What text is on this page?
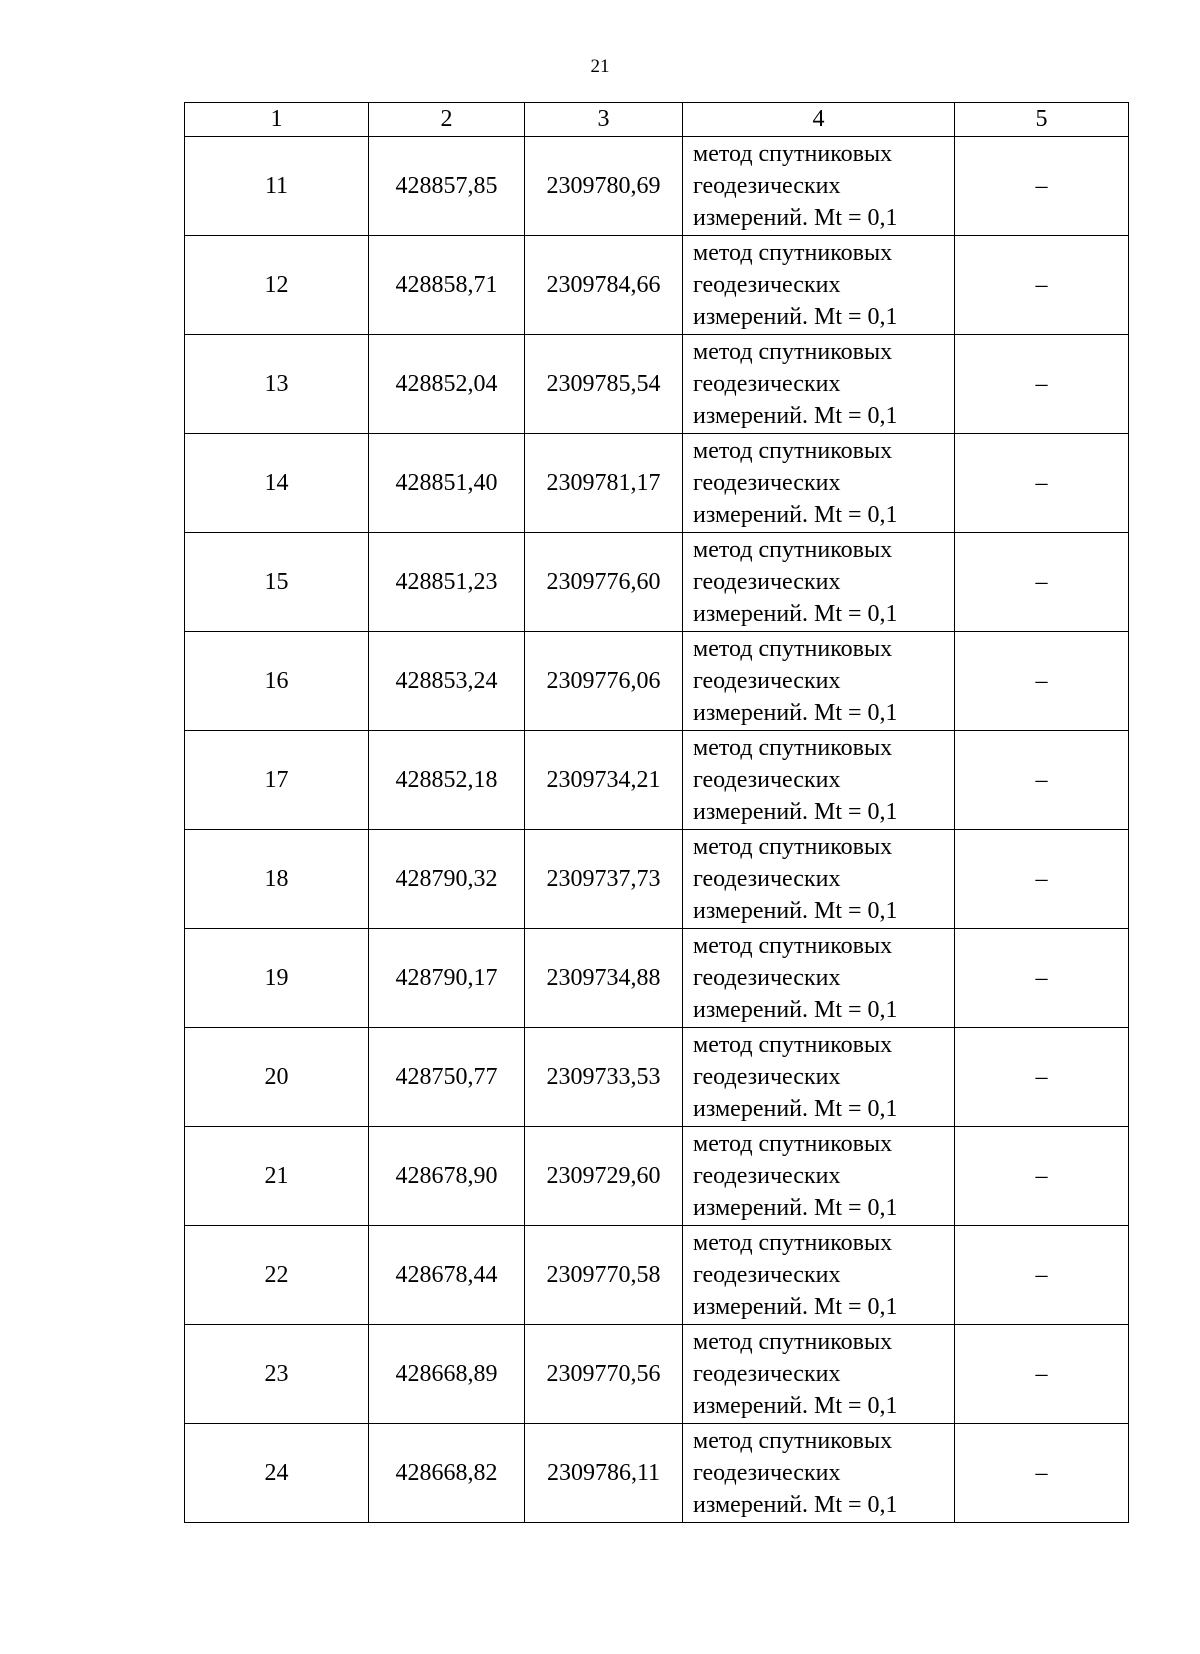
21
1	2	3	4	5
11	428857,85	2309780,69	метод спутниковых
геодезических
измерений. Mt = 0,1	–
12	428858,71	2309784,66	метод спутниковых
геодезических
измерений. Mt = 0,1	–
13	428852,04	2309785,54	метод спутниковых
геодезических
измерений. Mt = 0,1	–
14	428851,40	2309781,17	метод спутниковых
геодезических
измерений. Mt = 0,1	–
15	428851,23	2309776,60	метод спутниковых
геодезических
измерений. Mt = 0,1	–
16	428853,24	2309776,06	метод спутниковых
геодезических
измерений. Mt = 0,1	–
17	428852,18	2309734,21	метод спутниковых
геодезических
измерений. Mt = 0,1	–
18	428790,32	2309737,73	метод спутниковых
геодезических
измерений. Mt = 0,1	–
19	428790,17	2309734,88	метод спутниковых
геодезических
измерений. Mt = 0,1	–
20	428750,77	2309733,53	метод спутниковых
геодезических
измерений. Mt = 0,1	–
21	428678,90	2309729,60	метод спутниковых
геодезических
измерений. Mt = 0,1	–
22	428678,44	2309770,58	метод спутниковых
геодезических
измерений. Mt = 0,1	–
23	428668,89	2309770,56	метод спутниковых
геодезических
измерений. Mt = 0,1	–
24	428668,82	2309786,11	метод спутниковых
геодезических
измерений. Mt = 0,1	–
